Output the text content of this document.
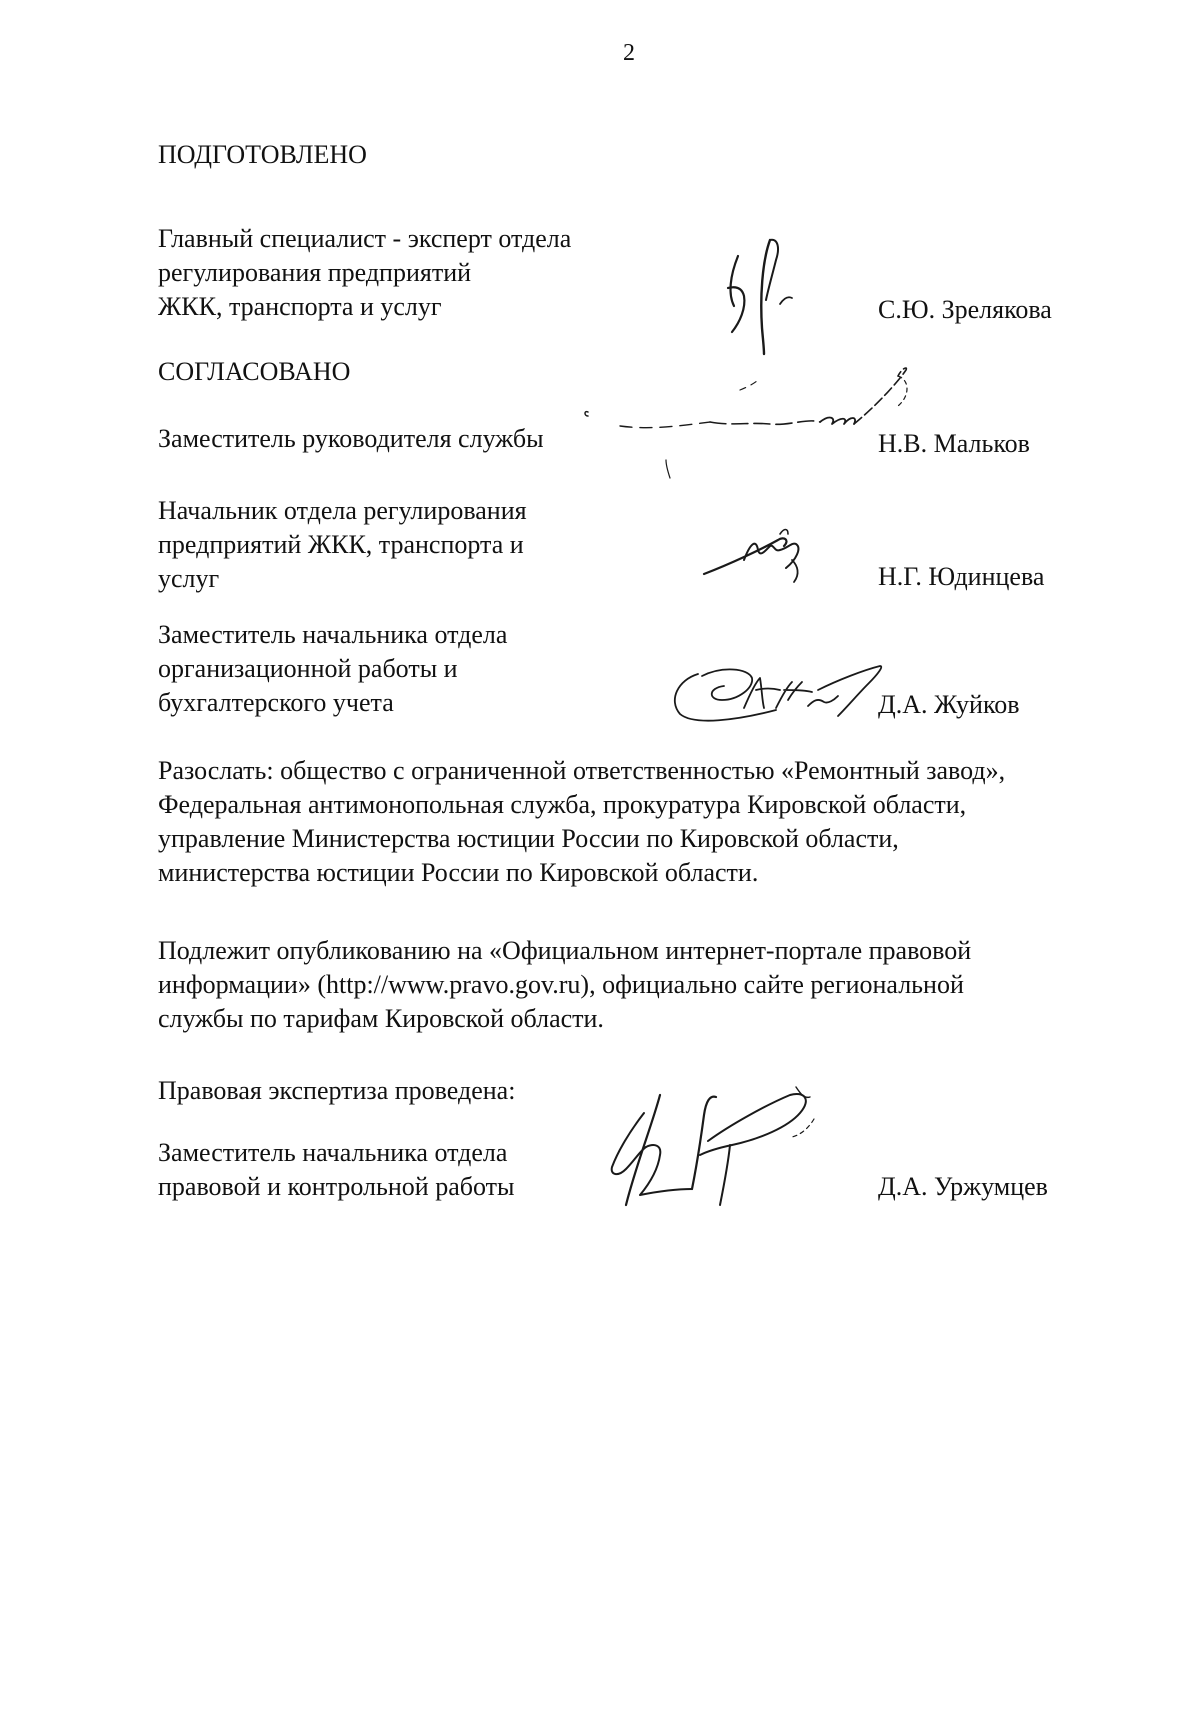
2
ПОДГОТОВЛЕНО
Главный специалист - эксперт отдела
регулирования предприятий
ЖКК, транспорта и услуг	С.Ю. Зрелякова
СОГЛАСОВАНО
Заместитель руководителя службы	Н.В. Мальков
Начальник отдела регулирования
предприятий ЖКК, транспорта и
услуг	Н.Г. Юдинцева
Заместитель начальника отдела
организационной работы и
бухгалтерского учета	Д.А. Жуйков
Разослать: общество с ограниченной ответственностью «Ремонтный завод»,
Федеральная антимонопольная служба, прокуратура Кировской области,
управление Министерства юстиции России по Кировской области,
министерства юстиции России по Кировской области.
Подлежит опубликованию на «Официальном интернет-портале правовой
информации» (http://www.pravo.gov.ru), официально сайте региональной
службы по тарифам Кировской области.
Правовая экспертиза проведена:
Заместитель начальника отдела
правовой и контрольной работы	Д.А. Уржумцев
